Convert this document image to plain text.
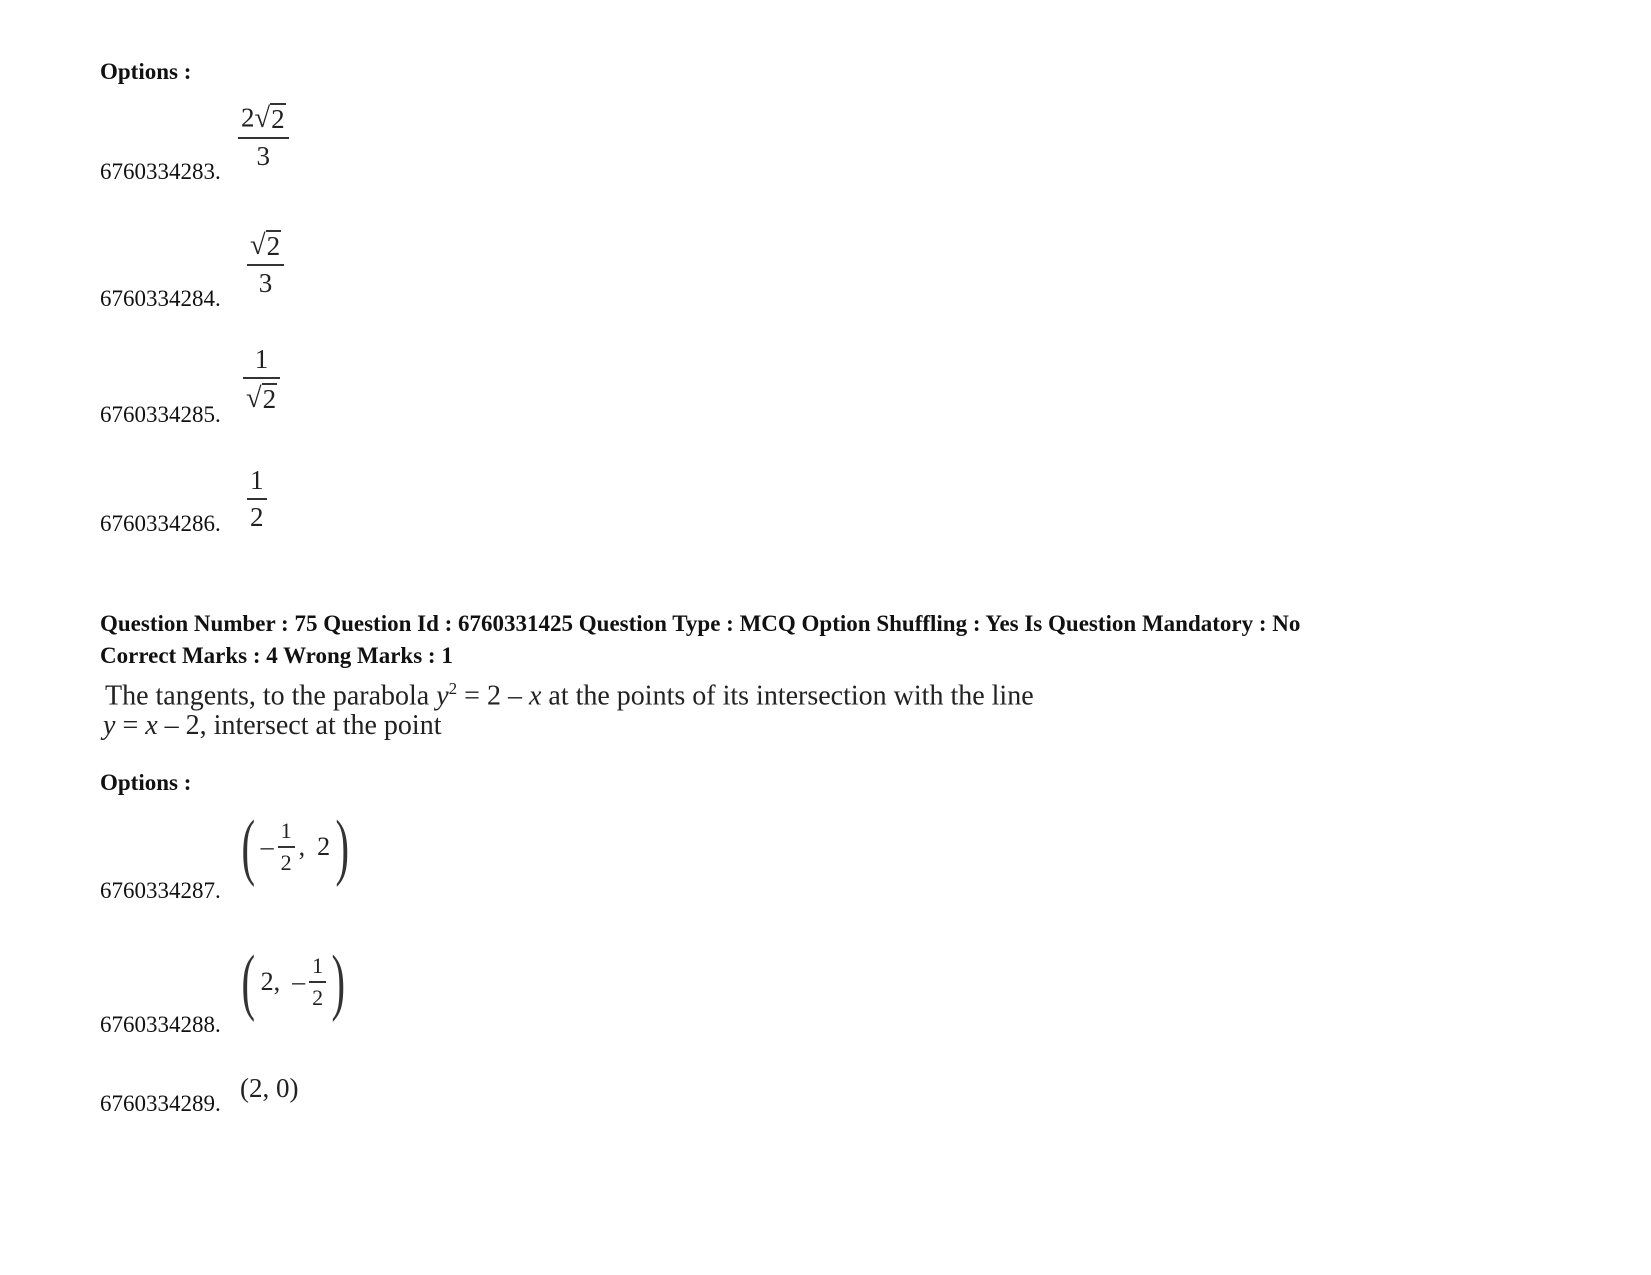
Options :
6760334283.
$\frac{2 √ 2}{3}$
6760334284.
$\frac{√ 2}{3}$
6760334285.
$\frac{1}{√ 2}$
6760334286. $\frac{1}{2}$
Question Number : 75 Question Id : 6760331425 Question Type : MCQ Option Shuffling : Yes Is Question Mandatory : No
Correct Marks : 4 Wrong Marks : 1
The tangents, to the parabola $y^2 = 2 - x$ at the points of its intersection with the line
y = x – 2, intersect at the point
Options :
6760334287.
( – $\frac{1}{2}$ , 2 )
6760334288.
( 2, – $\frac{1}{2}$ )
6760334289.
(2, 0)
